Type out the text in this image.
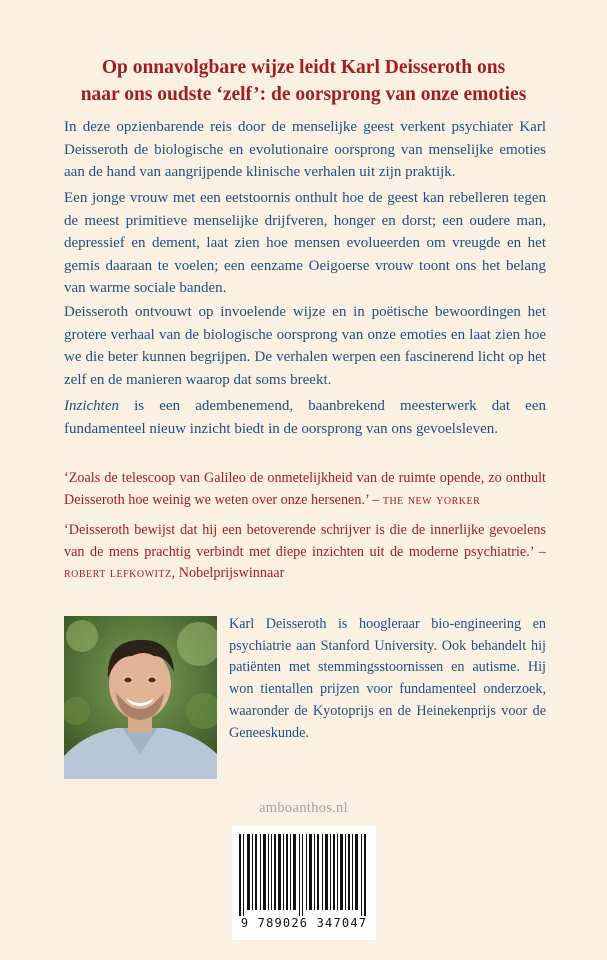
Op onnavolgbare wijze leidt Karl Deisseroth ons
naar ons oudste ‘zelf’: de oorsprong van onze emoties

In deze opzienbarende reis door de menselijke geest verkent psychiater Karl Deisseroth de biologische en evolutionaire oorsprong van menselijke emoties aan de hand van aangrijpende klinische verhalen uit zijn praktijk.

Een jonge vrouw met een eetstoornis onthult hoe de geest kan rebelleren tegen de meest primitieve menselijke drijfveren, honger en dorst; een oudere man, depressief en dement, laat zien hoe mensen evolueerden om vreugde en het gemis daaraan te voelen; een eenzame Oeigoerse vrouw toont ons het belang van warme sociale banden.

Deisseroth ontvouwt op invoelende wijze en in poëtische bewoordingen het grotere verhaal van de biologische oorsprong van onze emoties en laat zien hoe we die beter kunnen begrijpen. De verhalen werpen een fascinerend licht op het zelf en de manieren waarop dat soms breekt.

Inzichten is een adembenemend, baanbrekend meesterwerk dat een fundamenteel nieuw inzicht biedt in de oorsprong van ons gevoelsleven.

‘Zoals de telescoop van Galileo de onmetelijkheid van de ruimte opende, zo onthult Deisseroth hoe weinig we weten over onze hersenen.’ – the new yorker

‘Deisseroth bewijst dat hij een betoverende schrijver is die de innerlijke gevoelens van de mens prachtig verbindt met diepe inzichten uit de moderne psychiatrie.’ – robert lefkowitz, Nobelprijswinnaar

Karl Deisseroth is hoogleraar bio-engineering en psychiatrie aan Stanford University. Ook behandelt hij patiënten met stemmingsstoornissen en autisme. Hij won tientallen prijzen voor fundamenteel onderzoek, waaronder de Kyotoprijs en de Heinekenprijs voor de Geneeskunde.

amboanthos.nl
9 789026 347047
